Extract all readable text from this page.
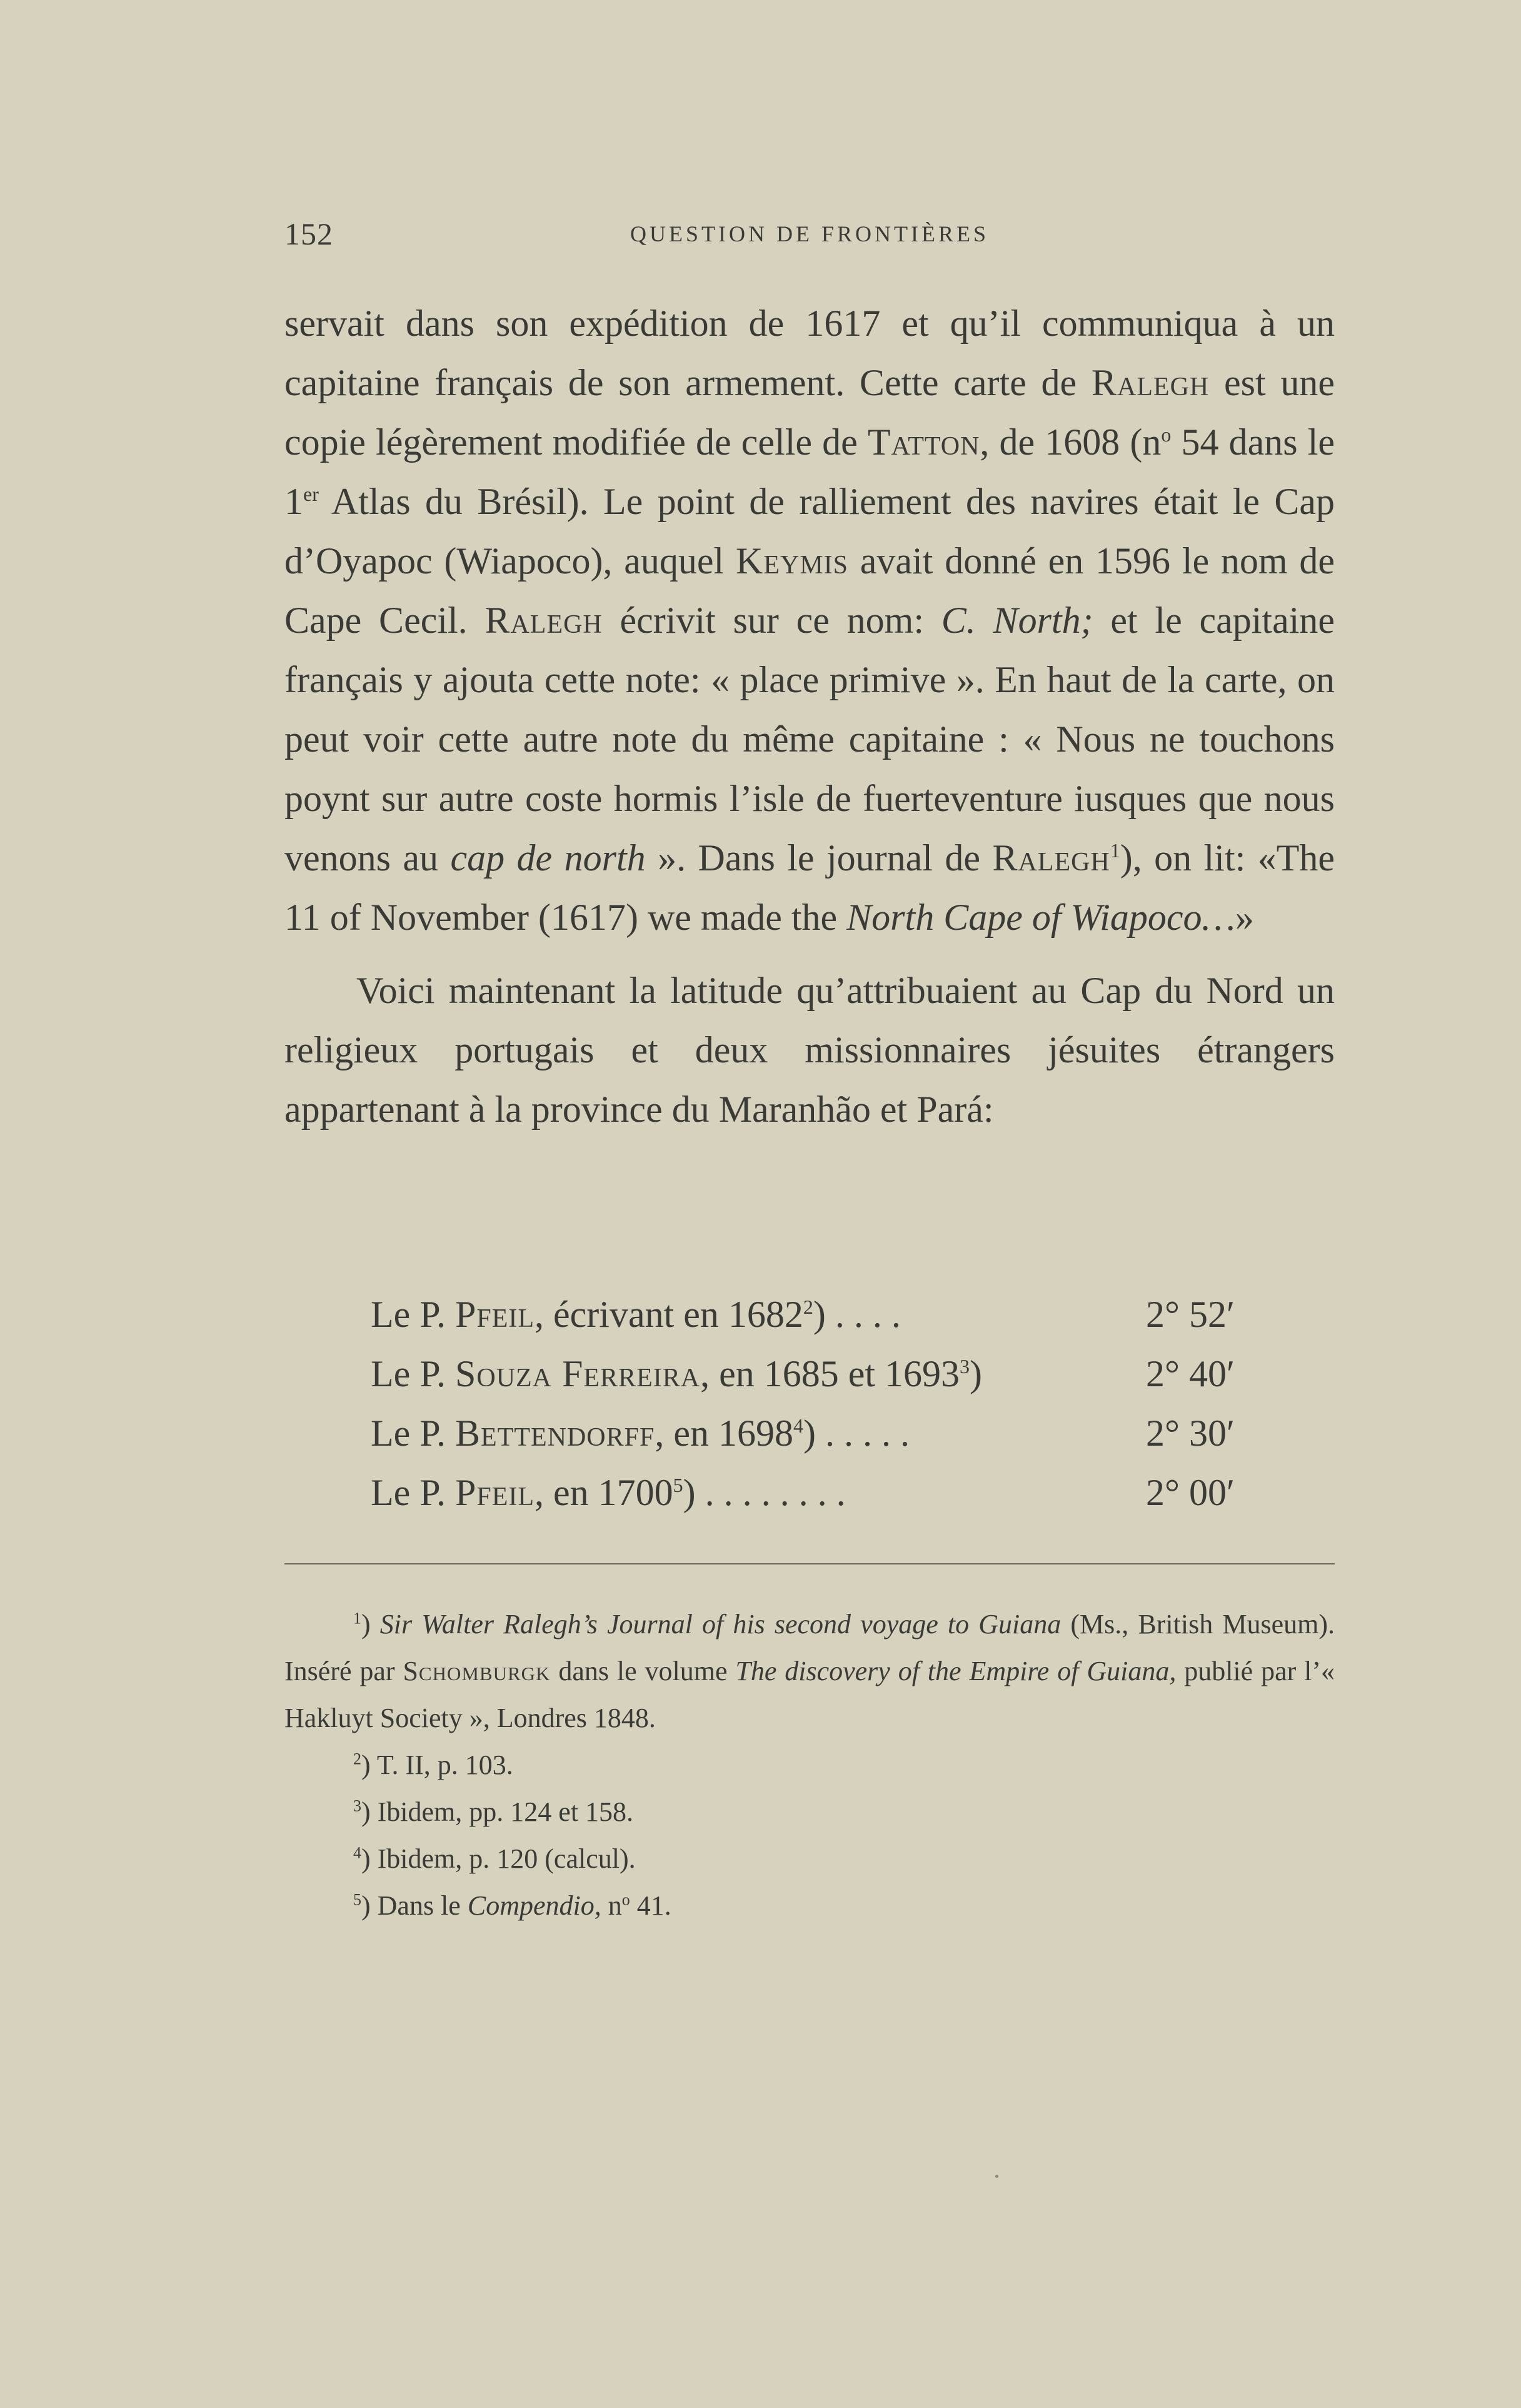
152	QUESTION DE FRONTIÈRES

servait dans son expédition de 1617 et qu’il communiqua à un capitaine français de son armement. Cette carte de Ralegh est une copie légèrement modifiée de celle de Tatton, de 1608 ($n^o$ 54 dans le 1er Atlas du Brésil). Le point de ralliement des navires était le Cap d’Oyapoc (Wiapoco), auquel Keymis avait donné en 1596 le nom de Cape Cecil. Ralegh écrivit sur ce nom: C. North; et le capitaine français y ajouta cette note: « place primive ». En haut de la carte, on peut voir cette autre note du même capitaine : « Nous ne touchons poynt sur autre coste hormis l’isle de fuerteventure iusques que nous venons au cap de north ». Dans le journal de Ralegh$^1$), on lit: «The 11 of November (1617) we made the North Cape of Wiapoco…»

Voici maintenant la latitude qu’attribuaient au Cap du Nord un religieux portugais et deux missionnaires jésuites étrangers appartenant à la province du Maranhão et Pará:

Le P. Pfeil, écrivant en 1682$^2$) . . . .	2° 52′
Le P. Souza Ferreira, en 1685 et 1693$^3$)	2° 40′
Le P. Bettendorff, en 1698$^4$) . . . . .	2° 30′
Le P. Pfeil, en 1700$^5$) . . . . . . . .	2° 00′

$^1$) Sir Walter Ralegh’s Journal of his second voyage to Guiana (Ms., British Museum). Inséré par Schomburgk dans le volume The discovery of the Empire of Guiana, publié par l’« Hakluyt Society », Londres 1848.

$^2$) T. II, p. 103.

$^3$) Ibidem, pp. 124 et 158.

$^4$) Ibidem, p. 120 (calcul).

$^5$) Dans le Compendio, $n^o$ 41.
